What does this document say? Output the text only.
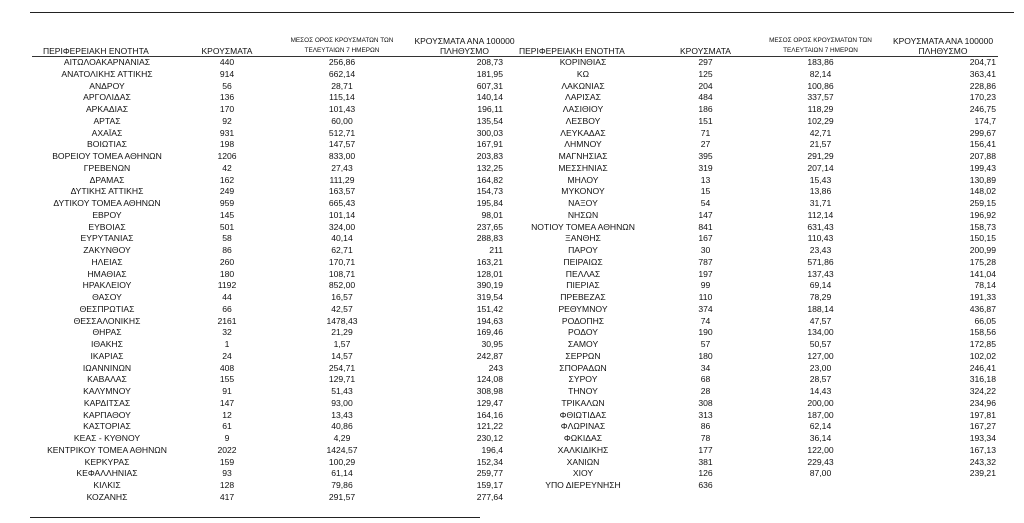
ΠΕΡΙΦΕΡΕΙΑΚΗ ΕΝΟΤΗΤΑ	ΚΡΟΥΣΜΑΤΑ	ΜΕΣΟΣ ΟΡΟΣ ΚΡΟΥΣΜΑΤΩΝ ΤΩΝ ΤΕΛΕΥΤΑΙΩΝ 7 ΗΜΕΡΩΝ	ΚΡΟΥΣΜΑΤΑ ΑΝΑ 100000 ΠΛΗΘΥΣΜΟ
ΑΙΤΩΛΟΑΚΑΡΝΑΝΙΑΣ	440	256,86	208,73
ΑΝΑΤΟΛΙΚΗΣ ΑΤΤΙΚΗΣ	914	662,14	181,95
ΑΝΔΡΟΥ	56	28,71	607,31
ΑΡΓΟΛΙΔΑΣ	136	115,14	140,14
ΑΡΚΑΔΙΑΣ	170	101,43	196,11
ΑΡΤΑΣ	92	60,00	135,54
ΑΧΑΪΑΣ	931	512,71	300,03
ΒΟΙΩΤΙΑΣ	198	147,57	167,91
ΒΟΡΕΙΟΥ ΤΟΜΕΑ ΑΘΗΝΩΝ	1206	833,00	203,83
ΓΡΕΒΕΝΩΝ	42	27,43	132,25
ΔΡΑΜΑΣ	162	111,29	164,82
ΔΥΤΙΚΗΣ ΑΤΤΙΚΗΣ	249	163,57	154,73
ΔΥΤΙΚΟΥ ΤΟΜΕΑ ΑΘΗΝΩΝ	959	665,43	195,84
ΕΒΡΟΥ	145	101,14	98,01
ΕΥΒΟΙΑΣ	501	324,00	237,65
ΕΥΡΥΤΑΝΙΑΣ	58	40,14	288,83
ΖΑΚΥΝΘΟΥ	86	62,71	211
ΗΛΕΙΑΣ	260	170,71	163,21
ΗΜΑΘΙΑΣ	180	108,71	128,01
ΗΡΑΚΛΕΙΟΥ	1192	852,00	390,19
ΘΑΣΟΥ	44	16,57	319,54
ΘΕΣΠΡΩΤΙΑΣ	66	42,57	151,42
ΘΕΣΣΑΛΟΝΙΚΗΣ	2161	1478,43	194,63
ΘΗΡΑΣ	32	21,29	169,46
ΙΘΑΚΗΣ	1	1,57	30,95
ΙΚΑΡΙΑΣ	24	14,57	242,87
ΙΩΑΝΝΙΝΩΝ	408	254,71	243
ΚΑΒΑΛΑΣ	155	129,71	124,08
ΚΑΛΥΜΝΟΥ	91	51,43	308,98
ΚΑΡΔΙΤΣΑΣ	147	93,00	129,47
ΚΑΡΠΑΘΟΥ	12	13,43	164,16
ΚΑΣΤΟΡΙΑΣ	61	40,86	121,22
ΚΕΑΣ - ΚΥΘΝΟΥ	9	4,29	230,12
ΚΕΝΤΡΙΚΟΥ ΤΟΜΕΑ ΑΘΗΝΩΝ	2022	1424,57	196,4
ΚΕΡΚΥΡΑΣ	159	100,29	152,34
ΚΕΦΑΛΛΗΝΙΑΣ	93	61,14	259,77
ΚΙΛΚΙΣ	128	79,86	159,17
ΚΟΖΑΝΗΣ	417	291,57	277,64
ΠΕΡΙΦΕΡΕΙΑΚΗ ΕΝΟΤΗΤΑ	ΚΡΟΥΣΜΑΤΑ	ΜΕΣΟΣ ΟΡΟΣ ΚΡΟΥΣΜΑΤΩΝ ΤΩΝ ΤΕΛΕΥΤΑΙΩΝ 7 ΗΜΕΡΩΝ	ΚΡΟΥΣΜΑΤΑ ΑΝΑ 100000 ΠΛΗΘΥΣΜΟ
ΚΟΡΙΝΘΙΑΣ	297	183,86	204,71
ΚΩ	125	82,14	363,41
ΛΑΚΩΝΙΑΣ	204	100,86	228,86
ΛΑΡΙΣΑΣ	484	337,57	170,23
ΛΑΣΙΘΙΟΥ	186	118,29	246,75
ΛΕΣΒΟΥ	151	102,29	174,7
ΛΕΥΚΑΔΑΣ	71	42,71	299,67
ΛΗΜΝΟΥ	27	21,57	156,41
ΜΑΓΝΗΣΙΑΣ	395	291,29	207,88
ΜΕΣΣΗΝΙΑΣ	319	207,14	199,43
ΜΗΛΟΥ	13	15,43	130,89
ΜΥΚΟΝΟΥ	15	13,86	148,02
ΝΑΞΟΥ	54	31,71	259,15
ΝΗΣΩΝ	147	112,14	196,92
ΝΟΤΙΟΥ ΤΟΜΕΑ ΑΘΗΝΩΝ	841	631,43	158,73
ΞΑΝΘΗΣ	167	110,43	150,15
ΠΑΡΟΥ	30	23,43	200,99
ΠΕΙΡΑΙΩΣ	787	571,86	175,28
ΠΕΛΛΑΣ	197	137,43	141,04
ΠΙΕΡΙΑΣ	99	69,14	78,14
ΠΡΕΒΕΖΑΣ	110	78,29	191,33
ΡΕΘΥΜΝΟΥ	374	188,14	436,87
ΡΟΔΟΠΗΣ	74	47,57	66,05
ΡΟΔΟΥ	190	134,00	158,56
ΣΑΜΟΥ	57	50,57	172,85
ΣΕΡΡΩΝ	180	127,00	102,02
ΣΠΟΡΑΔΩΝ	34	23,00	246,41
ΣΥΡΟΥ	68	28,57	316,18
ΤΗΝΟΥ	28	14,43	324,22
ΤΡΙΚΑΛΩΝ	308	200,00	234,96
ΦΘΙΩΤΙΔΑΣ	313	187,00	197,81
ΦΛΩΡΙΝΑΣ	86	62,14	167,27
ΦΩΚΙΔΑΣ	78	36,14	193,34
ΧΑΛΚΙΔΙΚΗΣ	177	122,00	167,13
ΧΑΝΙΩΝ	381	229,43	243,32
ΧΙΟΥ	126	87,00	239,21
ΥΠΟ ΔΙΕΡΕΥΝΗΣΗ	636		
